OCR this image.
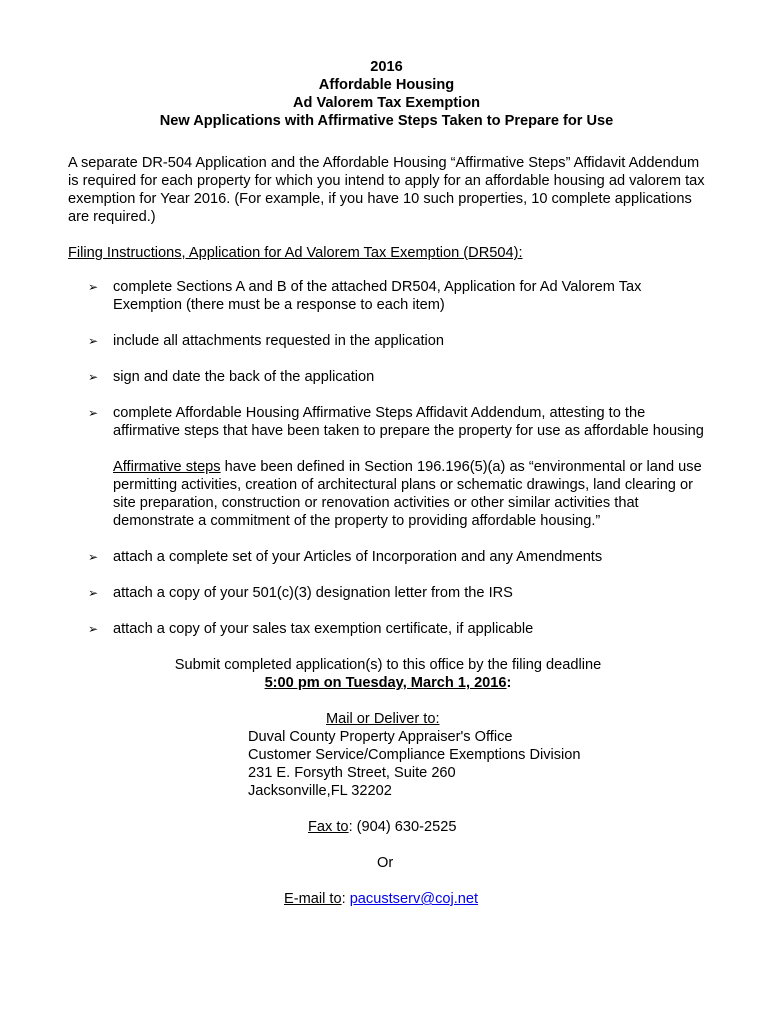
2016
Affordable Housing
Ad Valorem Tax Exemption
New Applications with Affirmative Steps Taken to Prepare for Use
A separate DR-504 Application and the Affordable Housing “Affirmative Steps” Affidavit Addendum is required for each property for which you intend to apply for an affordable housing ad valorem tax exemption for Year 2016. (For example, if you have 10 such properties, 10 complete applications are required.)
Filing Instructions, Application for Ad Valorem Tax Exemption (DR504):
➢ complete Sections A and B of the attached DR504, Application for Ad Valorem Tax Exemption (there must be a response to each item)
➢ include all attachments requested in the application
➢ sign and date the back of the application
➢ complete Affordable Housing Affirmative Steps Affidavit Addendum, attesting to the affirmative steps that have been taken to prepare the property for use as affordable housing
Affirmative steps have been defined in Section 196.196(5)(a) as “environmental or land use permitting activities, creation of architectural plans or schematic drawings, land clearing or site preparation, construction or renovation activities or other similar activities that demonstrate a commitment of the property to providing affordable housing.”
➢ attach a complete set of your Articles of Incorporation and any Amendments
➢ attach a copy of your 501(c)(3) designation letter from the IRS
➢ attach a copy of your sales tax exemption certificate, if applicable
Submit completed application(s) to this office by the filing deadline
5:00 pm on Tuesday, March 1, 2016:
Mail or Deliver to:
Duval County Property Appraiser's Office
Customer Service/Compliance Exemptions Division
231 E. Forsyth Street, Suite 260
Jacksonville,FL 32202
Fax to: (904) 630-2525
Or
E-mail to: pacustserv@coj.net
